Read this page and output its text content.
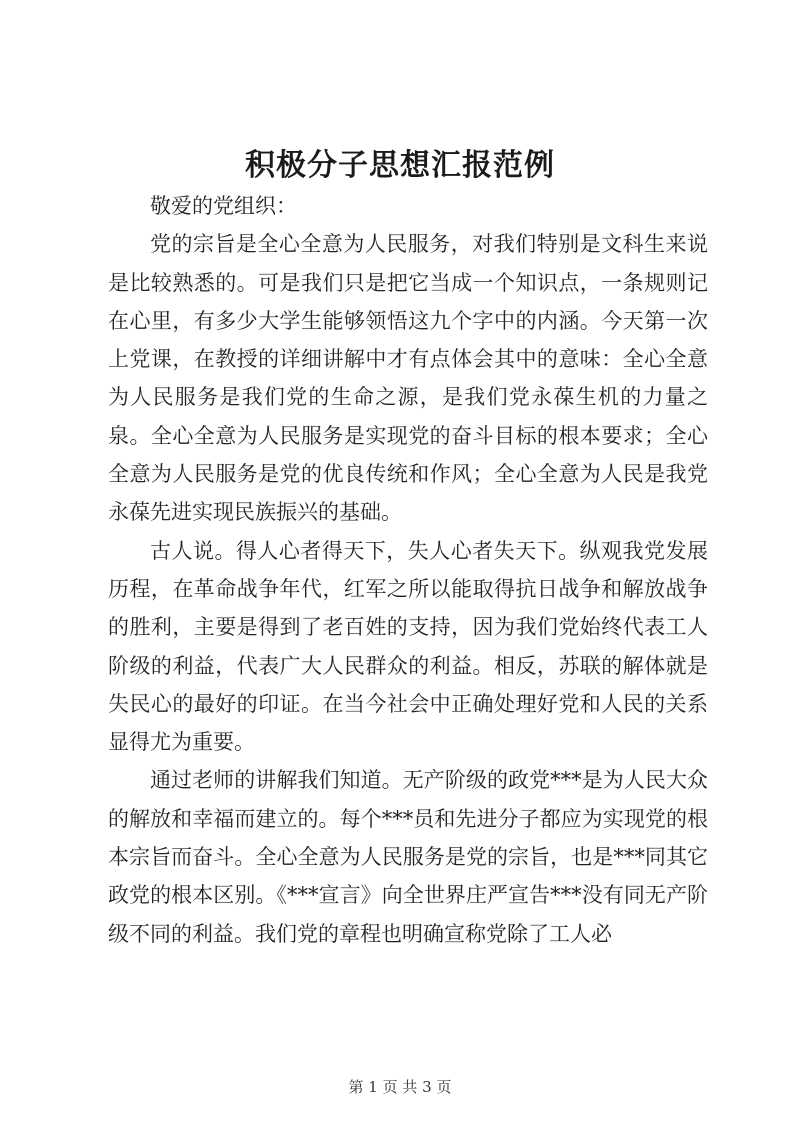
积极分子思想汇报范例

敬爱的党组织：

党的宗旨是全心全意为人民服务，对我们特别是文科生来说是比较熟悉的。可是我们只是把它当成一个知识点，一条规则记在心里，有多少大学生能够领悟这九个字中的内涵。今天第一次上党课，在教授的详细讲解中才有点体会其中的意味：全心全意为人民服务是我们党的生命之源，是我们党永葆生机的力量之泉。全心全意为人民服务是实现党的奋斗目标的根本要求；全心全意为人民服务是党的优良传统和作风；全心全意为人民是我党永葆先进实现民族振兴的基础。

古人说。得人心者得天下，失人心者失天下。纵观我党发展历程，在革命战争年代，红军之所以能取得抗日战争和解放战争的胜利，主要是得到了老百姓的支持，因为我们党始终代表工人阶级的利益，代表广大人民群众的利益。相反，苏联的解体就是失民心的最好的印证。在当今社会中正确处理好党和人民的关系显得尤为重要。

通过老师的讲解我们知道。无产阶级的政党***是为人民大众的解放和幸福而建立的。每个***员和先进分子都应为实现党的根本宗旨而奋斗。全心全意为人民服务是党的宗旨，也是***同其它政党的根本区别。《***宣言》向全世界庄严宣告***没有同无产阶级不同的利益。我们党的章程也明确宣称党除了工人必

第 1 页 共 3 页
